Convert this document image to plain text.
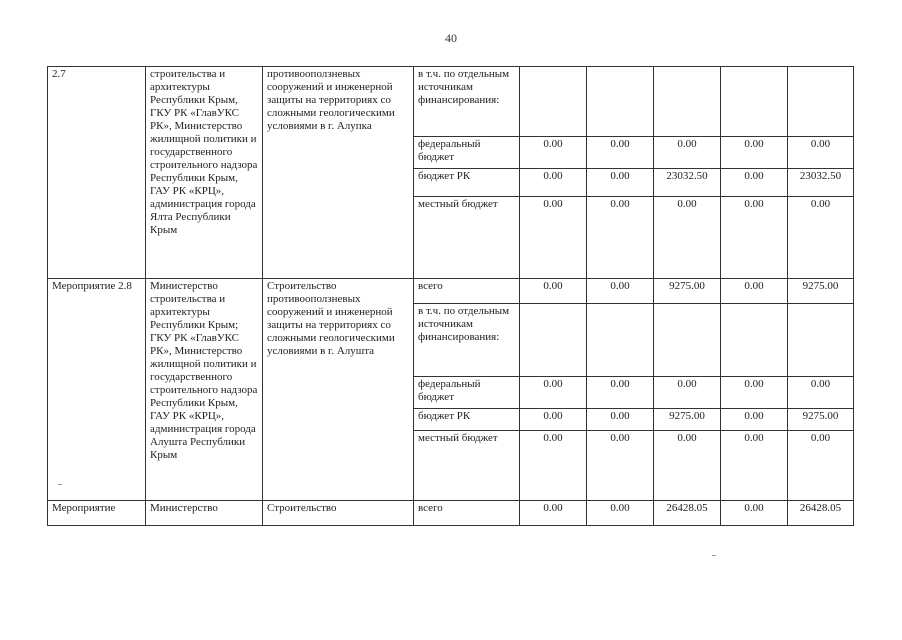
40
2.7	строительства и архитектуры Республики Крым, ГКУ РК «ГлавУКС РК», Министерство жилищной политики и государственного строительного надзора Республики Крым, ГАУ РК «КРЦ», администрация города Ялта Республики Крым	противооползневых сооружений и инженерной защиты на территориях со сложными геологическими условиями в г. Алупка	в т.ч. по отдельным источникам финансирования:					
			федеральный бюджет	0.00	0.00	0.00	0.00	0.00
			бюджет РК	0.00	0.00	23032.50	0.00	23032.50
			местный бюджет	0.00	0.00	0.00	0.00	0.00
Мероприятие 2.8	Министерство строительства и архитектуры Республики Крым; ГКУ РК «ГлавУКС РК», Министерство жилищной политики и государственного строительного надзора Республики Крым, ГАУ РК «КРЦ», администрация города Алушта Республики Крым	Строительство противооползневых сооружений и инженерной защиты на территориях со сложными геологическими условиями в г. Алушта	всего	0.00	0.00	9275.00	0.00	9275.00
			в т.ч. по отдельным источникам финансирования:					
			федеральный бюджет	0.00	0.00	0.00	0.00	0.00
			бюджет РК	0.00	0.00	9275.00	0.00	9275.00
			местный бюджет	0.00	0.00	0.00	0.00	0.00
Мероприятие	Министерство	Строительство	всего	0.00	0.00	26428.05	0.00	26428.05
